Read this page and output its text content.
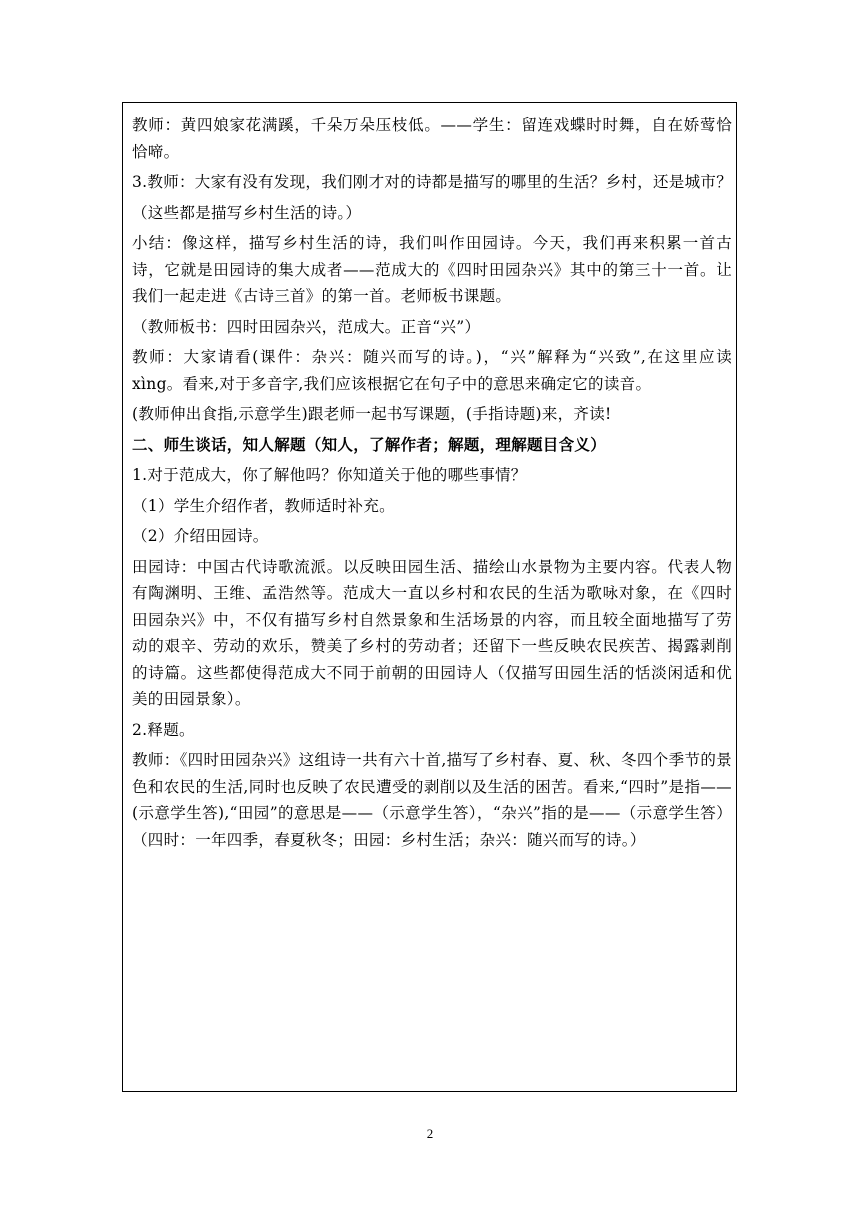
教师：黄四娘家花满蹊，千朵万朵压枝低。——学生：留连戏蝶时时舞，自在娇莺恰恰啼。

3.教师：大家有没有发现，我们刚才对的诗都是描写的哪里的生活？乡村，还是城市？

（这些都是描写乡村生活的诗。）

小结：像这样，描写乡村生活的诗，我们叫作田园诗。今天，我们再来积累一首古诗，它就是田园诗的集大成者——范成大的《四时田园杂兴》其中的第三十一首。让我们一起走进《古诗三首》的第一首。老师板书课题。

（教师板书：四时田园杂兴，范成大。正音“兴”）

教师：大家请看(课件：杂兴：随兴而写的诗。)，“兴”解释为“兴致”,在这里应读 xìng。看来,对于多音字,我们应该根据它在句子中的意思来确定它的读音。

(教师伸出食指,示意学生)跟老师一起书写课题，(手指诗题)来，齐读!

二、师生谈话，知人解题（知人，了解作者；解题，理解题目含义）

1.对于范成大，你了解他吗？你知道关于他的哪些事情？

（1）学生介绍作者，教师适时补充。

（2）介绍田园诗。

田园诗：中国古代诗歌流派。以反映田园生活、描绘山水景物为主要内容。代表人物有陶渊明、王维、孟浩然等。范成大一直以乡村和农民的生活为歌咏对象，在《四时田园杂兴》中，不仅有描写乡村自然景象和生活场景的内容，而且较全面地描写了劳动的艰辛、劳动的欢乐，赞美了乡村的劳动者；还留下一些反映农民疾苦、揭露剥削的诗篇。这些都使得范成大不同于前朝的田园诗人（仅描写田园生活的恬淡闲适和优美的田园景象）。

2.释题。

教师：《四时田园杂兴》这组诗一共有六十首,描写了乡村春、夏、秋、冬四个季节的景色和农民的生活,同时也反映了农民遭受的剥削以及生活的困苦。看来,“四时”是指——(示意学生答),“田园”的意思是——（示意学生答），“杂兴”指的是——（示意学生答）（四时：一年四季，春夏秋冬；田园：乡村生活；杂兴：随兴而写的诗。）

2
